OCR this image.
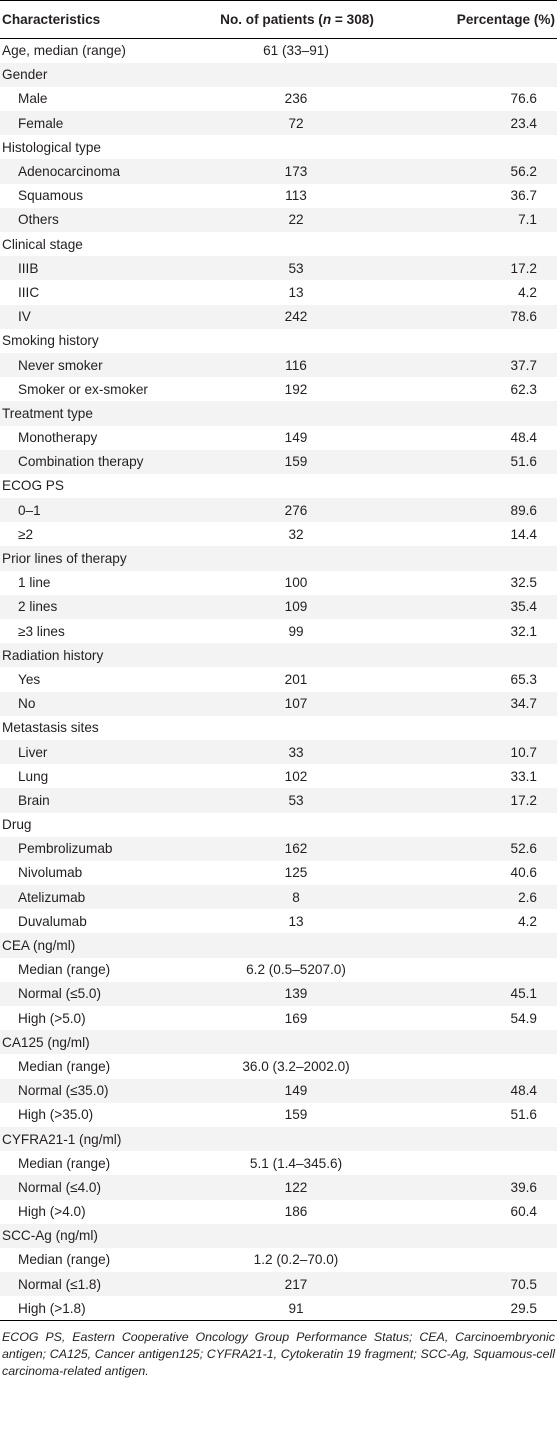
Characteristics	No. of patients (n = 308)	Percentage (%)
Age, median (range)	61 (33–91)	
Gender		
Male	236	76.6
Female	72	23.4
Histological type		
Adenocarcinoma	173	56.2
Squamous	113	36.7
Others	22	7.1
Clinical stage		
IIIB	53	17.2
IIIC	13	4.2
IV	242	78.6
Smoking history		
Never smoker	116	37.7
Smoker or ex-smoker	192	62.3
Treatment type		
Monotherapy	149	48.4
Combination therapy	159	51.6
ECOG PS		
0–1	276	89.6
≥2	32	14.4
Prior lines of therapy		
1 line	100	32.5
2 lines	109	35.4
≥3 lines	99	32.1
Radiation history		
Yes	201	65.3
No	107	34.7
Metastasis sites		
Liver	33	10.7
Lung	102	33.1
Brain	53	17.2
Drug		
Pembrolizumab	162	52.6
Nivolumab	125	40.6
Atelizumab	8	2.6
Duvalumab	13	4.2
CEA (ng/ml)		
Median (range)	6.2 (0.5–5207.0)	
Normal (≤5.0)	139	45.1
High (>5.0)	169	54.9
CA125 (ng/ml)		
Median (range)	36.0 (3.2–2002.0)	
Normal (≤35.0)	149	48.4
High (>35.0)	159	51.6
CYFRA21-1 (ng/ml)		
Median (range)	5.1 (1.4–345.6)	
Normal (≤4.0)	122	39.6
High (>4.0)	186	60.4
SCC-Ag (ng/ml)		
Median (range)	1.2 (0.2–70.0)	
Normal (≤1.8)	217	70.5
High (>1.8)	91	29.5
ECOG PS, Eastern Cooperative Oncology Group Performance Status; CEA, Carcinoembryonic antigen; CA125, Cancer antigen125; CYFRA21-1, Cytokeratin 19 fragment; SCC-Ag, Squamous-cell carcinoma-related antigen.
